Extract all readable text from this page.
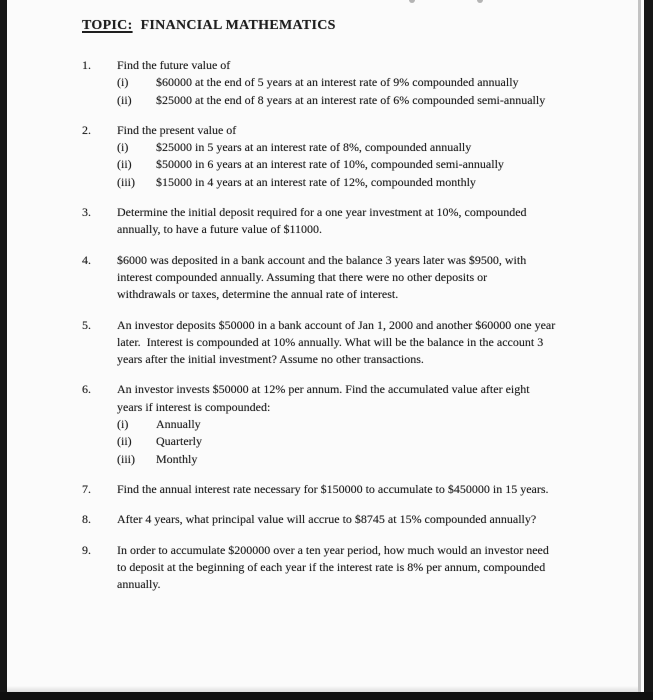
TOPIC: FINANCIAL MATHEMATICS
1.	Find the future value of
(i)	$60000 at the end of 5 years at an interest rate of 9% compounded annually
(ii)	$25000 at the end of 8 years at an interest rate of 6% compounded semi-annually
2.	Find the present value of
(i)	$25000 in 5 years at an interest rate of 8%, compounded annually
(ii)	$50000 in 6 years at an interest rate of 10%, compounded semi-annually
(iii)	$15000 in 4 years at an interest rate of 12%, compounded monthly
3.	Determine the initial deposit required for a one year investment at 10%, compounded
annually, to have a future value of $11000.
4.	$6000 was deposited in a bank account and the balance 3 years later was $9500, with
interest compounded annually. Assuming that there were no other deposits or
withdrawals or taxes, determine the annual rate of interest.
5.	An investor deposits $50000 in a bank account of Jan 1, 2000 and another $60000 one year
later.  Interest is compounded at 10% annually. What will be the balance in the account 3
years after the initial investment? Assume no other transactions.
6.	An investor invests $50000 at 12% per annum. Find the accumulated value after eight
years if interest is compounded:
(i)	Annually
(ii)	Quarterly
(iii)	Monthly
7.	Find the annual interest rate necessary for $150000 to accumulate to $450000 in 15 years.
8.	After 4 years, what principal value will accrue to $8745 at 15% compounded annually?
9.	In order to accumulate $200000 over a ten year period, how much would an investor need
to deposit at the beginning of each year if the interest rate is 8% per annum, compounded
annually.
